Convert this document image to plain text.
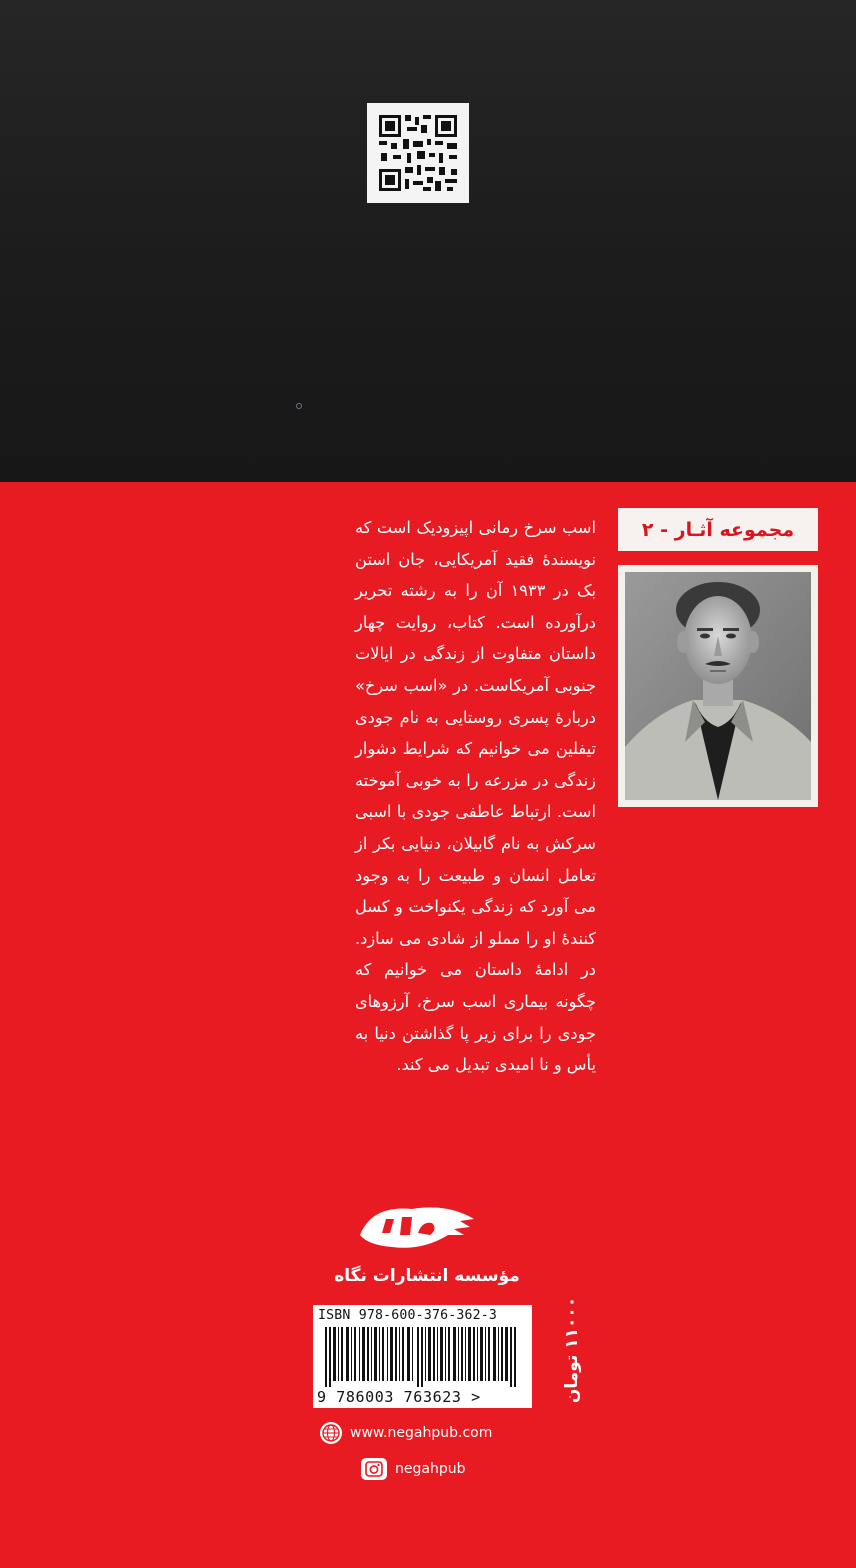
مجموعه آثـار - ۲

اسب سرخ رمانی اپیزودیک است که نویسندهٔ فقید آمریکایی، جان استن بک در ۱۹۳۳ آن را به رشته تحریر درآورده است. کتاب، روایت چهار داستان متفاوت از زندگی در ایالات جنوبی آمریکاست. در «اسب سرخ» دربارهٔ پسری روستایی به نام جودی تیفلین می خوانیم که شرایط دشوار زندگی در مزرعه را به خوبی آموخته است. ارتباط عاطفی جودی با اسبی سرکش به نام گابیلان، دنیایی بکر از تعامل انسان و طبیعت را به وجود می آورد که زندگی یکنواخت و کسل کنندهٔ او را مملو از شادی می سازد. در ادامهٔ داستان می خوانیم که چگونه بیماری اسب سرخ، آرزوهای جودی را برای زیر پا گذاشتن دنیا به یأس و نا امیدی تبدیل می کند.

مؤسسه انتشارات نگاه
ISBN 978-600-376-362-3
9 786003 763623 >	۱۱۰۰۰ تومان
www.negahpub.com
negahpub
